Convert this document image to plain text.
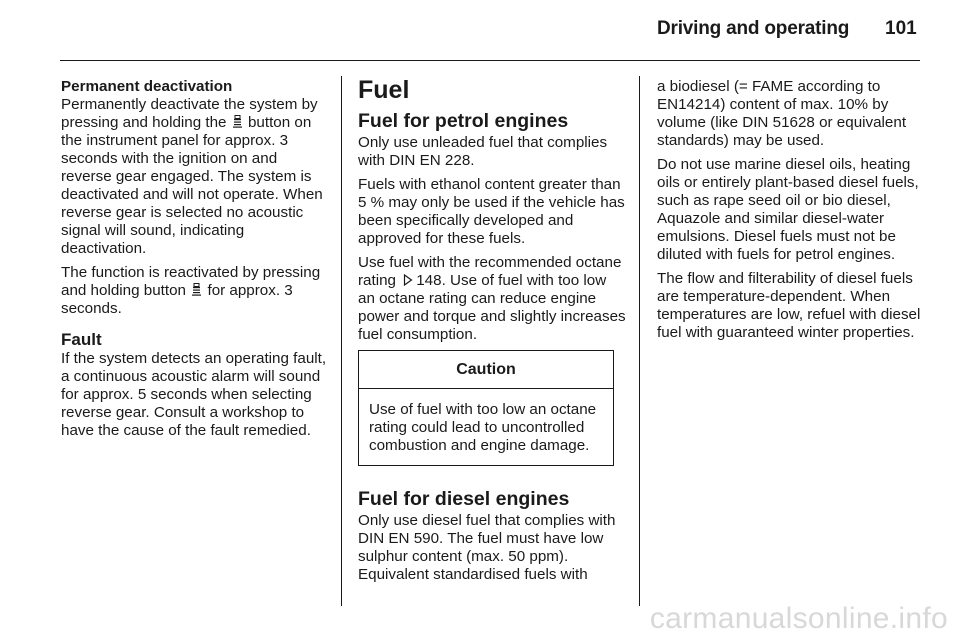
Driving and operating 101
Permanent deactivation

Permanently deactivate the system by pressing and holding the button on the instrument panel for approx. 3 seconds with the ignition on and reverse gear engaged. The system is deactivated and will not operate. When reverse gear is selected no acoustic signal will sound, indicating deactivation.

The function is reactivated by pressing and holding button for approx. 3 seconds.

Fault

If the system detects an operating fault, a continuous acoustic alarm will sound for approx. 5 seconds when selecting reverse gear. Consult a workshop to have the cause of the fault remedied.

Fuel
Fuel for petrol engines

Only use unleaded fuel that complies with DIN EN 228.

Fuels with ethanol content greater than 5 % may only be used if the vehicle has been specifically developed and approved for these fuels.

Use fuel with the recommended octane rating 148. Use of fuel with too low an octane rating can reduce engine power and torque and slightly increases fuel consumption.

Caution
Use of fuel with too low an octane rating could lead to uncontrolled combustion and engine damage.
Fuel for diesel engines

Only use diesel fuel that complies with DIN EN 590. The fuel must have low sulphur content (max. 50 ppm). Equivalent standardised fuels with

a biodiesel (= FAME according to EN14214) content of max. 10% by volume (like DIN 51628 or equivalent standards) may be used.

Do not use marine diesel oils, heating oils or entirely plant-based diesel fuels, such as rape seed oil or bio diesel, Aquazole and similar diesel-water emulsions. Diesel fuels must not be diluted with fuels for petrol engines.

The flow and filterability of diesel fuels are temperature-dependent. When temperatures are low, refuel with diesel fuel with guaranteed winter properties.

carmanualsonline.info
